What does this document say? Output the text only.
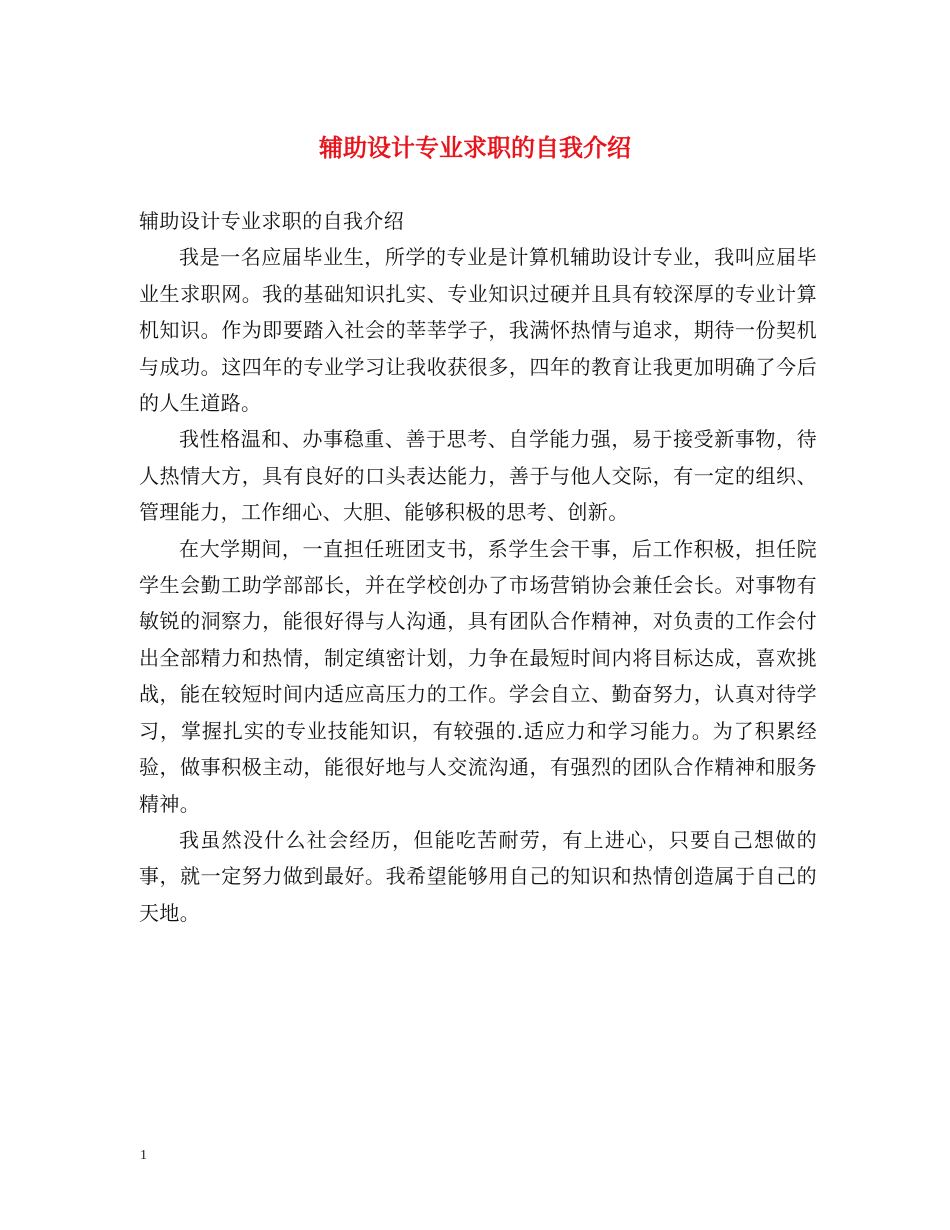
辅助设计专业求职的自我介绍

辅助设计专业求职的自我介绍

我是一名应届毕业生，所学的专业是计算机辅助设计专业，我叫应届毕业生求职网。我的基础知识扎实、专业知识过硬并且具有较深厚的专业计算机知识。作为即要踏入社会的莘莘学子，我满怀热情与追求，期待一份契机与成功。这四年的专业学习让我收获很多，四年的教育让我更加明确了今后的人生道路。

我性格温和、办事稳重、善于思考、自学能力强，易于接受新事物，待人热情大方，具有良好的口头表达能力，善于与他人交际，有一定的组织、管理能力，工作细心、大胆、能够积极的思考、创新。

在大学期间，一直担任班团支书，系学生会干事，后工作积极，担任院学生会勤工助学部部长，并在学校创办了市场营销协会兼任会长。对事物有敏锐的洞察力，能很好得与人沟通，具有团队合作精神，对负责的工作会付出全部精力和热情，制定缜密计划，力争在最短时间内将目标达成，喜欢挑战，能在较短时间内适应高压力的工作。学会自立、勤奋努力，认真对待学习，掌握扎实的专业技能知识，有较强的.适应力和学习能力。为了积累经验，做事积极主动，能很好地与人交流沟通，有强烈的团队合作精神和服务精神。

我虽然没什么社会经历，但能吃苦耐劳，有上进心，只要自己想做的事，就一定努力做到最好。我希望能够用自己的知识和热情创造属于自己的天地。

1
